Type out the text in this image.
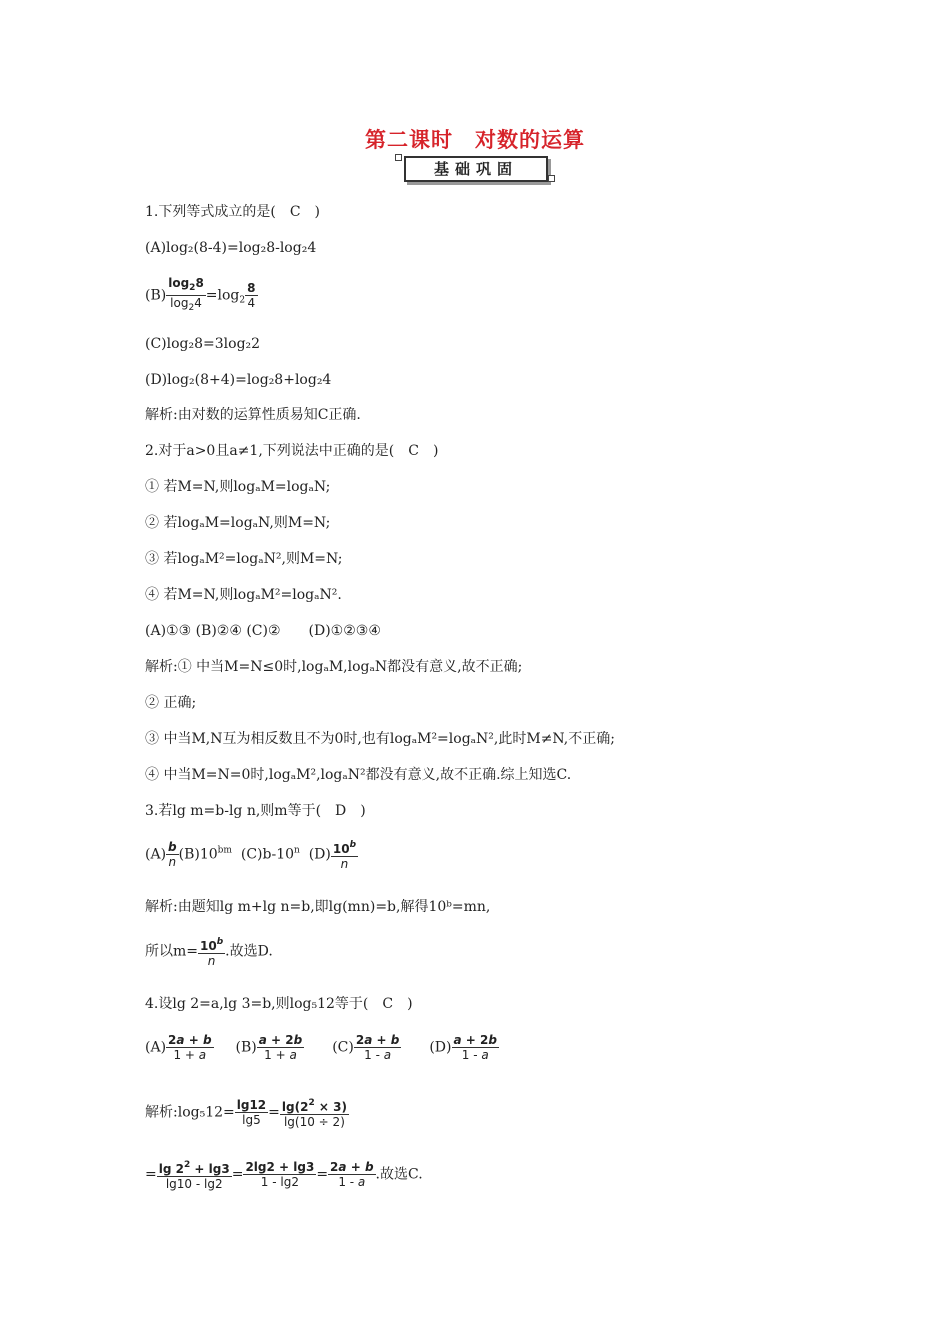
第二课时　对数的运算
基础巩固
1.下列等式成立的是(　C　)
(A)log₂(8-4)=log₂8-log₂4
$(B) \frac{\log_28}{\log_24} =\log_2 \frac{8}{4}$
(C)log₂8=3log₂2
(D)log₂(8+4)=log₂8+log₂4
解析:由对数的运算性质易知C正确.
2.对于a>0且a≠1,下列说法中正确的是(　C　)
① 若M=N,则logₐM=logₐN;
② 若logₐM=logₐN,则M=N;
③ 若logₐM²=logₐN²,则M=N;
④ 若M=N,则logₐM²=logₐN².
(A)①③ (B)②④ (C)②　　(D)①②③④
解析:① 中当M=N≤0时,logₐM,logₐN都没有意义,故不正确;
② 正确;
③ 中当M,N互为相反数且不为0时,也有logₐM²=logₐN²,此时M≠N,不正确;
④ 中当M=N=0时,logₐM²,logₐN²都没有意义,故不正确.综上知选C.
3.若lg m=b-lg n,则m等于(　D　)
$(A) \frac{b}{n} (B)10^{bm}$  (C)b-10$^n$  $(D) \frac{10^b}{n}$
解析:由题知lg m+lg n=b,即lg(mn)=b,解得10ᵇ=mn,
所以$m= \frac{10^b}{n}$ .故选D.
4.设lg 2=a,lg 3=b,则log₅12等于(　C　)
$(A) \frac{2a + b}{1 + a} (B) \frac{a + 2b}{1 + a} (C) \frac{2a + b}{1 - a} (D) \frac{a + 2b}{1 - a}$
解析:log₅12= $\frac{\lg 12}{\lg 5} = \frac{\lg(2^2 \times 3)}{\lg(10 \div 2)}$
= $\frac{\lg 2^2 + \lg 3}{\lg 10 - \lg 2} = \frac{2\lg 2 + \lg 3}{1 - \lg 2} = \frac{2a + b}{1 - a}$ .故选C.
